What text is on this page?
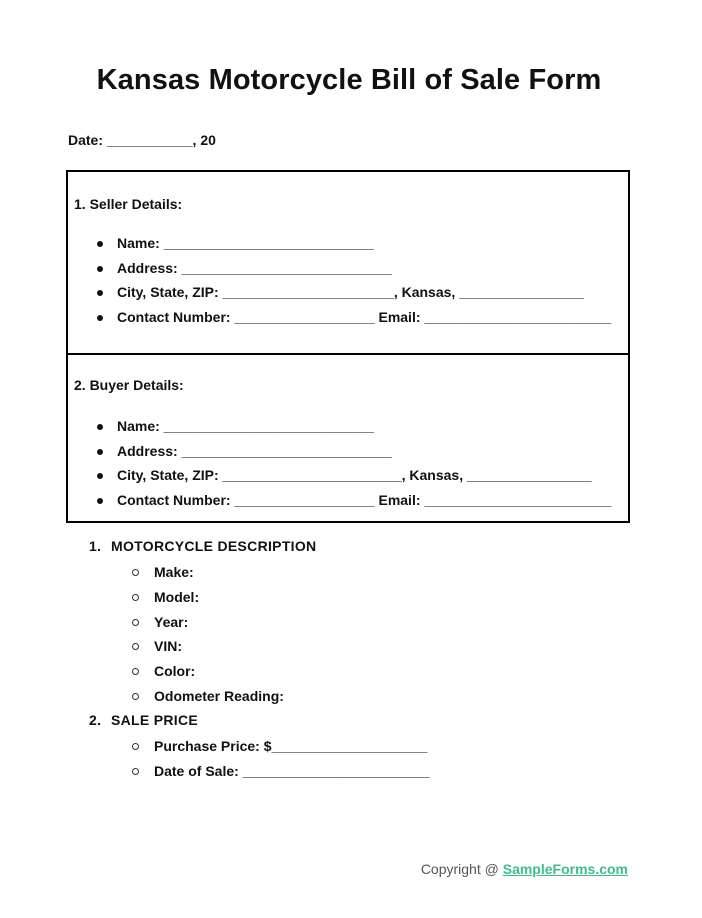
Kansas Motorcycle Bill of Sale Form
Date: ___________, 20
1. Seller Details:
Name: ___________________________
Address: ___________________________
City, State, ZIP: ______________________, Kansas, ________________
Contact Number: __________________ Email: ________________________
2. Buyer Details:
Name: ___________________________
Address: ___________________________
City, State, ZIP: _______________________, Kansas, ________________
Contact Number: __________________ Email: ________________________
1. MOTORCYCLE DESCRIPTION
Make:
Model:
Year:
VIN:
Color:
Odometer Reading:
2. SALE PRICE
Purchase Price: $____________________
Date of Sale: ________________________
Copyright @ SampleForms.com
